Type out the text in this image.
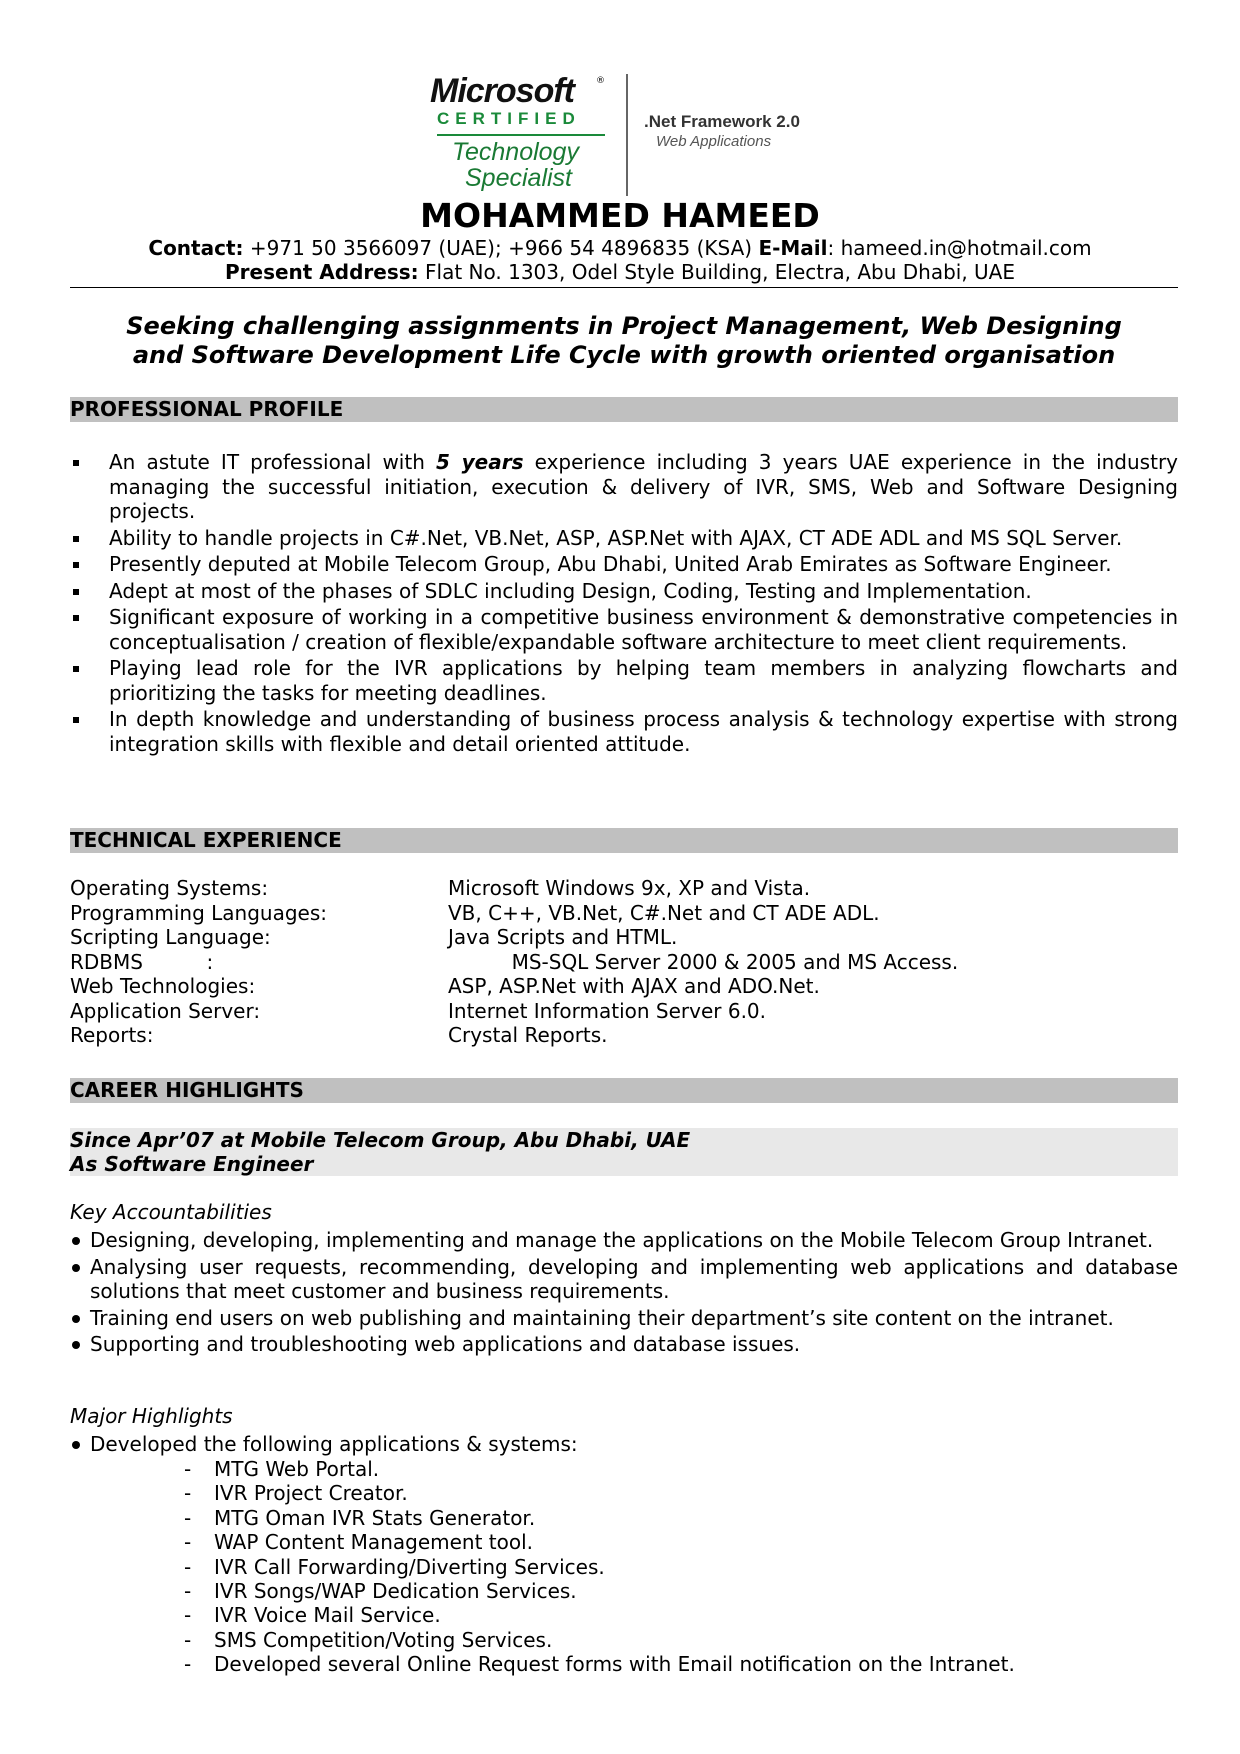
Microsoft ®
CERTIFIED
Technology
Specialist
.Net Framework 2.0
Web Applications
MOHAMMED HAMEED
Contact: +971 50 3566097 (UAE); +966 54 4896835 (KSA) E-Mail: hameed.in@hotmail.com
Present Address: Flat No. 1303, Odel Style Building, Electra, Abu Dhabi, UAE
Seeking challenging assignments in Project Management, Web Designing
and Software Development Life Cycle with growth oriented organisation
PROFESSIONAL PROFILE
An astute IT professional with 5 years experience including 3 years UAE experience in the industry managing the successful initiation, execution & delivery of IVR, SMS, Web and Software Designing projects.
Ability to handle projects in C#.Net, VB.Net, ASP, ASP.Net with AJAX, CT ADE ADL and MS SQL Server.
Presently deputed at Mobile Telecom Group, Abu Dhabi, United Arab Emirates as Software Engineer.
Adept at most of the phases of SDLC including Design, Coding, Testing and Implementation.
Significant exposure of working in a competitive business environment & demonstrative competencies in conceptualisation / creation of flexible/expandable software architecture to meet client requirements.
Playing lead role for the IVR applications by helping team members in analyzing flowcharts and prioritizing the tasks for meeting deadlines.
In depth knowledge and understanding of business process analysis & technology expertise with strong integration skills with flexible and detail oriented attitude.
TECHNICAL EXPERIENCE
Operating Systems:	Microsoft Windows 9x, XP and Vista.
Programming Languages:	VB, C++, VB.Net, C#.Net and CT ADE ADL.
Scripting Language:	Java Scripts and HTML.
RDBMS          :	MS-SQL Server 2000 & 2005 and MS Access.
Web Technologies:	ASP, ASP.Net with AJAX and ADO.Net.
Application Server:	Internet Information Server 6.0.
Reports:	Crystal Reports.
CAREER HIGHLIGHTS
Since Apr’07 at Mobile Telecom Group, Abu Dhabi, UAE
As Software Engineer
Key Accountabilities
Designing, developing, implementing and manage the applications on the Mobile Telecom Group Intranet.
Analysing user requests, recommending, developing and implementing web applications and database solutions that meet customer and business requirements.
Training end users on web publishing and maintaining their department’s site content on the intranet.
Supporting and troubleshooting web applications and database issues.
Major Highlights
Developed the following applications & systems:
- MTG Web Portal.
- IVR Project Creator.
- MTG Oman IVR Stats Generator.
- WAP Content Management tool.
- IVR Call Forwarding/Diverting Services.
- IVR Songs/WAP Dedication Services.
- IVR Voice Mail Service.
- SMS Competition/Voting Services.
- Developed several Online Request forms with Email notification on the Intranet.
